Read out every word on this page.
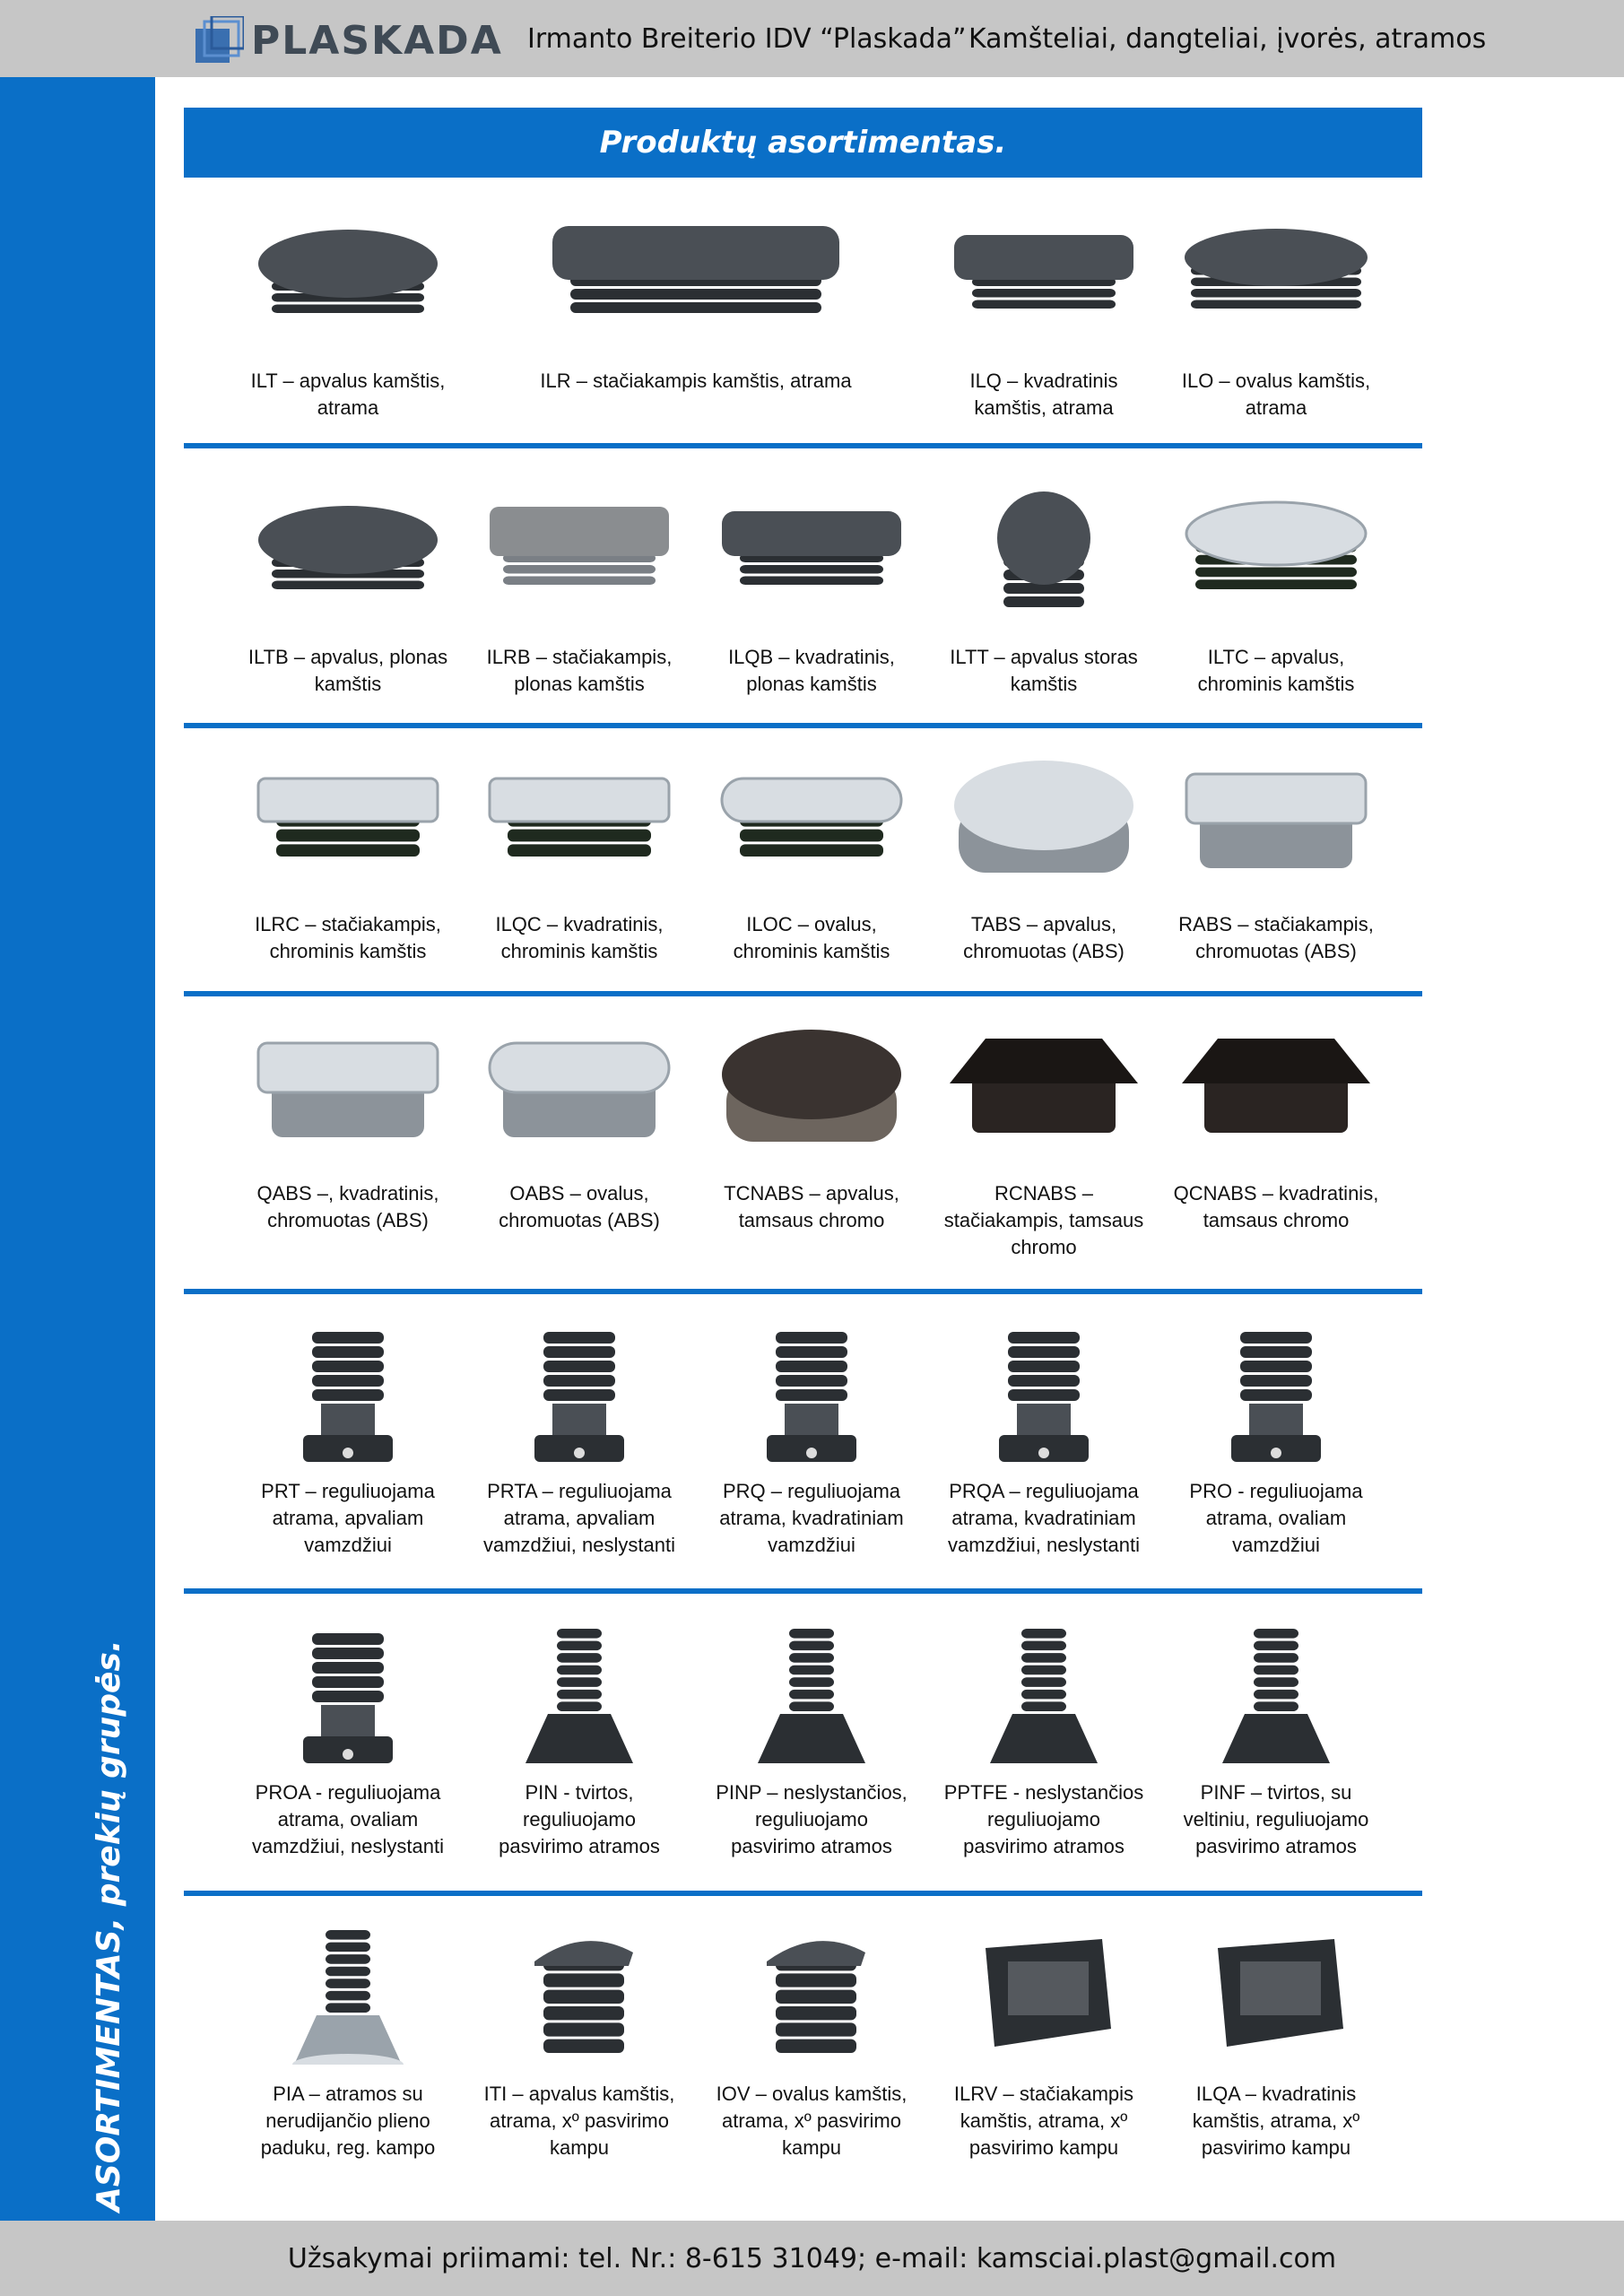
PLASKADA Irmanto Breiterio IDV “Plaskada” Kamšteliai, dangteliai, įvorės, atramos
ASORTIMENTAS, prekių grupės.
Produktų asortimentas.
ILT – apvalus kamštis,
atrama
ILR – stačiakampis kamštis, atrama	ILQ – kvadratinis
kamštis, atrama
ILO – ovalus kamštis,
atrama
ILTB – apvalus, plonas
kamštis
ILRB – stačiakampis,
plonas kamštis
ILQB – kvadratinis,
plonas kamštis
ILTT – apvalus storas
kamštis
ILTC – apvalus,
chrominis kamštis
ILRC – stačiakampis,
chrominis kamštis
ILQC – kvadratinis,
chrominis kamštis
ILOC – ovalus,
chrominis kamštis
TABS – apvalus,
chromuotas (ABS)
RABS – stačiakampis,
chromuotas (ABS)
QABS –, kvadratinis,
chromuotas (ABS)
OABS – ovalus,
chromuotas (ABS)
TCNABS – apvalus,
tamsaus chromo
RCNABS –
stačiakampis, tamsaus
chromo
QCNABS – kvadratinis,
tamsaus chromo
PRT – reguliuojama
atrama, apvaliam
vamzdžiui
PRTA – reguliuojama
atrama, apvaliam
vamzdžiui, neslystanti
PRQ – reguliuojama
atrama, kvadratiniam
vamzdžiui
PRQA – reguliuojama
atrama, kvadratiniam
vamzdžiui, neslystanti
PRO - reguliuojama
atrama, ovaliam
vamzdžiui
PROA - reguliuojama
atrama, ovaliam
vamzdžiui, neslystanti
PIN - tvirtos,
reguliuojamo
pasvirimo atramos
PINP – neslystančios,
reguliuojamo
pasvirimo atramos
PPTFE - neslystančios
reguliuojamo
pasvirimo atramos
PINF – tvirtos, su
veltiniu, reguliuojamo
pasvirimo atramos
PIA – atramos su
nerudijančio plieno
paduku, reg. kampo
ITI – apvalus kamštis,
atrama, xº pasvirimo
kampu
IOV – ovalus kamštis,
atrama, xº pasvirimo
kampu
ILRV – stačiakampis
kamštis, atrama, xº
pasvirimo kampu
ILQA – kvadratinis
kamštis, atrama, xº
pasvirimo kampu
Užsakymai priimami: tel. Nr.: 8-615 31049; e-mail: kamsciai.plast@gmail.com
